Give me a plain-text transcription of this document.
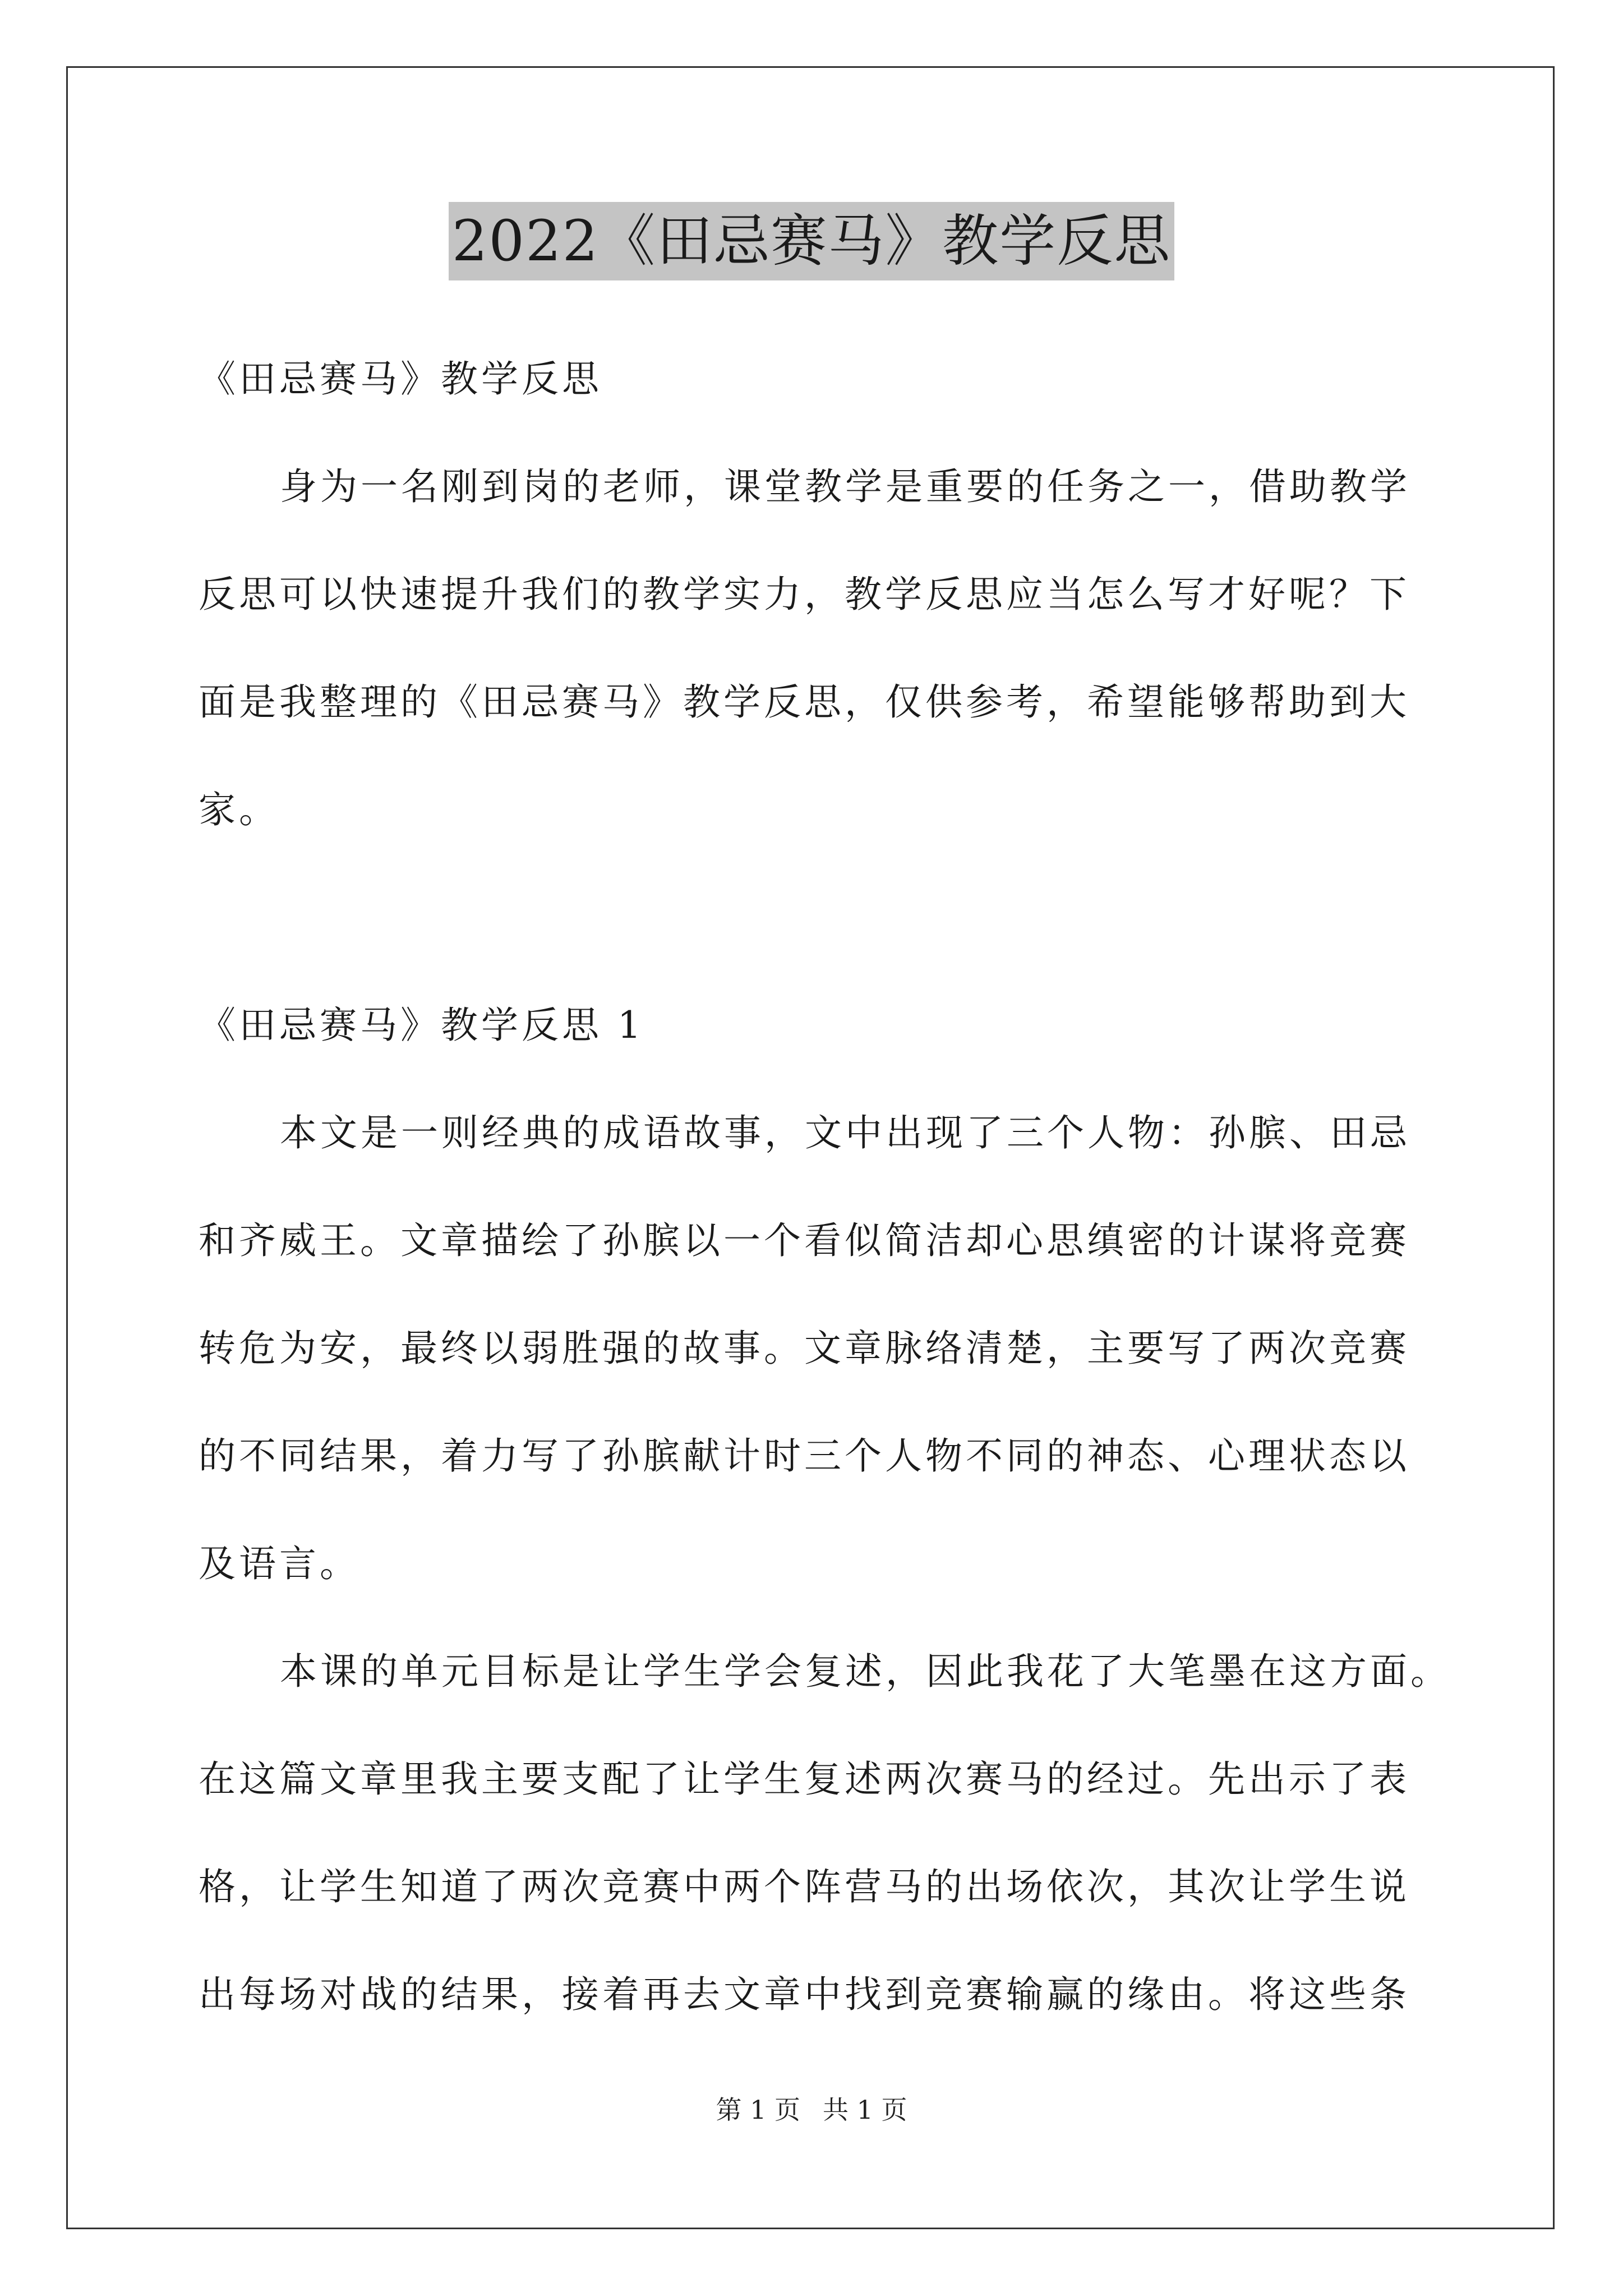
2022《田忌赛马》教学反思
《田忌赛马》教学反思
身为一名刚到岗的老师，课堂教学是重要的任务之一，借助教学
反思可以快速提升我们的教学实力，教学反思应当怎么写才好呢？下
面是我整理的《田忌赛马》教学反思，仅供参考，希望能够帮助到大
家。
《田忌赛马》教学反思 1
本文是一则经典的成语故事，文中出现了三个人物：孙膑、田忌
和齐威王。文章描绘了孙膑以一个看似简洁却心思缜密的计谋将竞赛
转危为安，最终以弱胜强的故事。文章脉络清楚，主要写了两次竞赛
的不同结果，着力写了孙膑献计时三个人物不同的神态、心理状态以
及语言。
本课的单元目标是让学生学会复述，因此我花了大笔墨在这方面。
在这篇文章里我主要支配了让学生复述两次赛马的经过。先出示了表
格，让学生知道了两次竞赛中两个阵营马的出场依次，其次让学生说
出每场对战的结果，接着再去文章中找到竞赛输赢的缘由。将这些条
第 1 页 共 1 页
